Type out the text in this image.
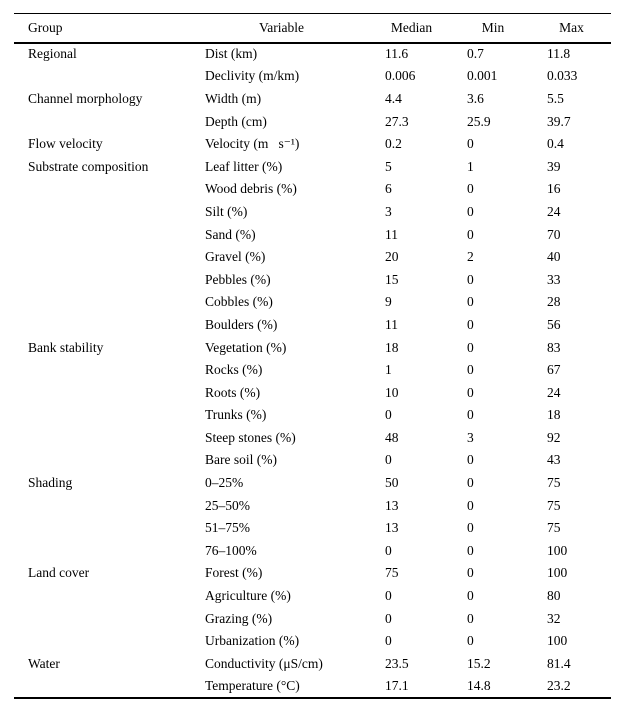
Group	Variable	Median	Min	Max
Regional	Dist (km)	11.6	0.7	11.8
	Declivity (m/km)	0.006	0.001	0.033
Channel morphology	Width (m)	4.4	3.6	5.5
	Depth (cm)	27.3	25.9	39.7
Flow velocity	Velocity (m   s⁻¹)	0.2	0	0.4
Substrate composition	Leaf litter (%)	5	1	39
	Wood debris (%)	6	0	16
	Silt (%)	3	0	24
	Sand (%)	11	0	70
	Gravel (%)	20	2	40
	Pebbles (%)	15	0	33
	Cobbles (%)	9	0	28
	Boulders (%)	11	0	56
Bank stability	Vegetation (%)	18	0	83
	Rocks (%)	1	0	67
	Roots (%)	10	0	24
	Trunks (%)	0	0	18
	Steep stones (%)	48	3	92
	Bare soil (%)	0	0	43
Shading	0–25%	50	0	75
	25–50%	13	0	75
	51–75%	13	0	75
	76–100%	0	0	100
Land cover	Forest (%)	75	0	100
	Agriculture (%)	0	0	80
	Grazing (%)	0	0	32
	Urbanization (%)	0	0	100
Water	Conductivity (μS/cm)	23.5	15.2	81.4
	Temperature (°C)	17.1	14.8	23.2
